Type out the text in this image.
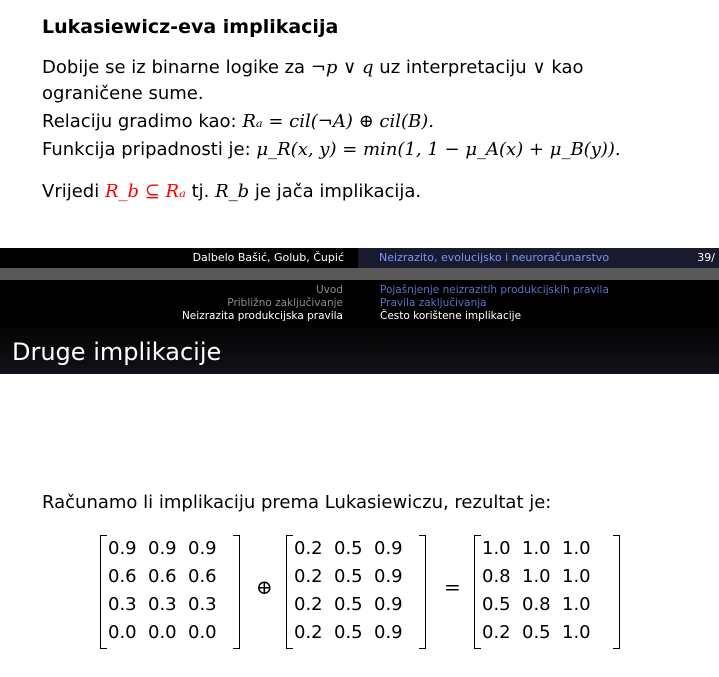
Lukasiewicz-eva implikacija
Dobije se iz binarne logike za ¬p ∨ q uz interpretaciju ∨ kao
ograničene sume.
Relaciju gradimo kao: Rₐ = cil(¬A) ⊕ cil(B).
Funkcija pripadnosti je: μ_R(x, y) = min(1, 1 − μ_A(x) + μ_B(y)).
Vrijedi R_b ⊆ Rₐ tj. R_b je jača implikacija.
Dalbelo Bašić, Golub, Čupić	Neizrazito, evolucijsko i neuroračunarstvo	39/
Uvod
Približno zaključivanje
Neizrazita produkcijska pravila
Pojašnjenje neizrazitih produkcijskih pravila
Pravila zaključivanja
Često korištene implikacije
Druge implikacije
Računamo li implikaciju prema Lukasiewiczu, rezultat je:
0.9 0.9 0.9
0.6 0.6 0.6
0.3 0.3 0.3
0.0 0.0 0.0
⊕
0.2 0.5 0.9
0.2 0.5 0.9
0.2 0.5 0.9
0.2 0.5 0.9
=
1.0 1.0 1.0
0.8 1.0 1.0
0.5 0.8 1.0
0.2 0.5 1.0
